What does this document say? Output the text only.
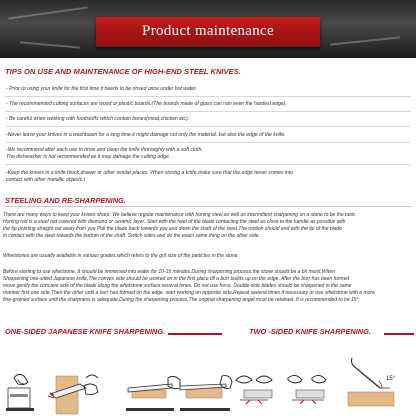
Product maintenance
TIPS ON USE AND MAINTENANCE OF HIGH-END STEEL KNIVES.

- Prior to using your knife for the first time it needs to be rinsed once under hot water.

- The recommended cutting surfaces are wood or plastic boards.(The boards made of glass can rain even the hardest edge).

- Be careful when working with foodstuffs which contain bones(meat,chicken etc).

-Never leave your knives in a washbasin for a long time,it might damage not only the material. but also the edge of the knife.

-We recommend after each use to rinse and clean the knife thoroughly with a soft cloth.

The dishwasher is not recommended as it may damage the cutting edge.

-Keep the knives in a knife block,drawer or other similar places. When storing a knife,make sure that the edge never comes into

contact with other metallic objects.t

STEELING AND RE-SHARPENING.

There are many ways to keep your knives sharp. We believe regular maintenance with honing steel,as well as intermittent sharpening on a stone to be the best.

Honing rod is a steel rod covered with diamond or ceramic layer. Start with the heel of the blade contacting the steel as close to the handle as possible with

the tip pointing straight out away from you.Pull the blade back towards you and down the shaft of the steel.The motion should end with the tip of the blade

in contact with the steel towards the bottom of the shaft. Switch sides and do the exact same thing on the other side.

Whetstones are usually available in various grades,which refers to the grit size of the particles in the stone.

Before starting to use whetstone. It should be immersed into water for 10-15 minutes.During sharpening process.the stone should be a bit moist.When

Sharpening one-sided Japanese knife,The convex side should be worked on in the first place till a burr builds up on the edge. After the burr has been formed

move gently the concave side of the blade along the whetstone surface several times. Do not use force. Double-side blades should be sharpened in the same

manner:first one side,Then the other until a burr has formed on the edge. start working on opposite side.Repeat several times if necessary or use whetstone with a more

fine-grained surface until the sharpness is adequate.During the sharpening process,The original sharpening angel must be retained. It is recommended to be 15°.

ONE-SIDED JAPANESE KNIFE SHARPENING.	TWO -SIDED KNIFE SHARPENING.
15°
